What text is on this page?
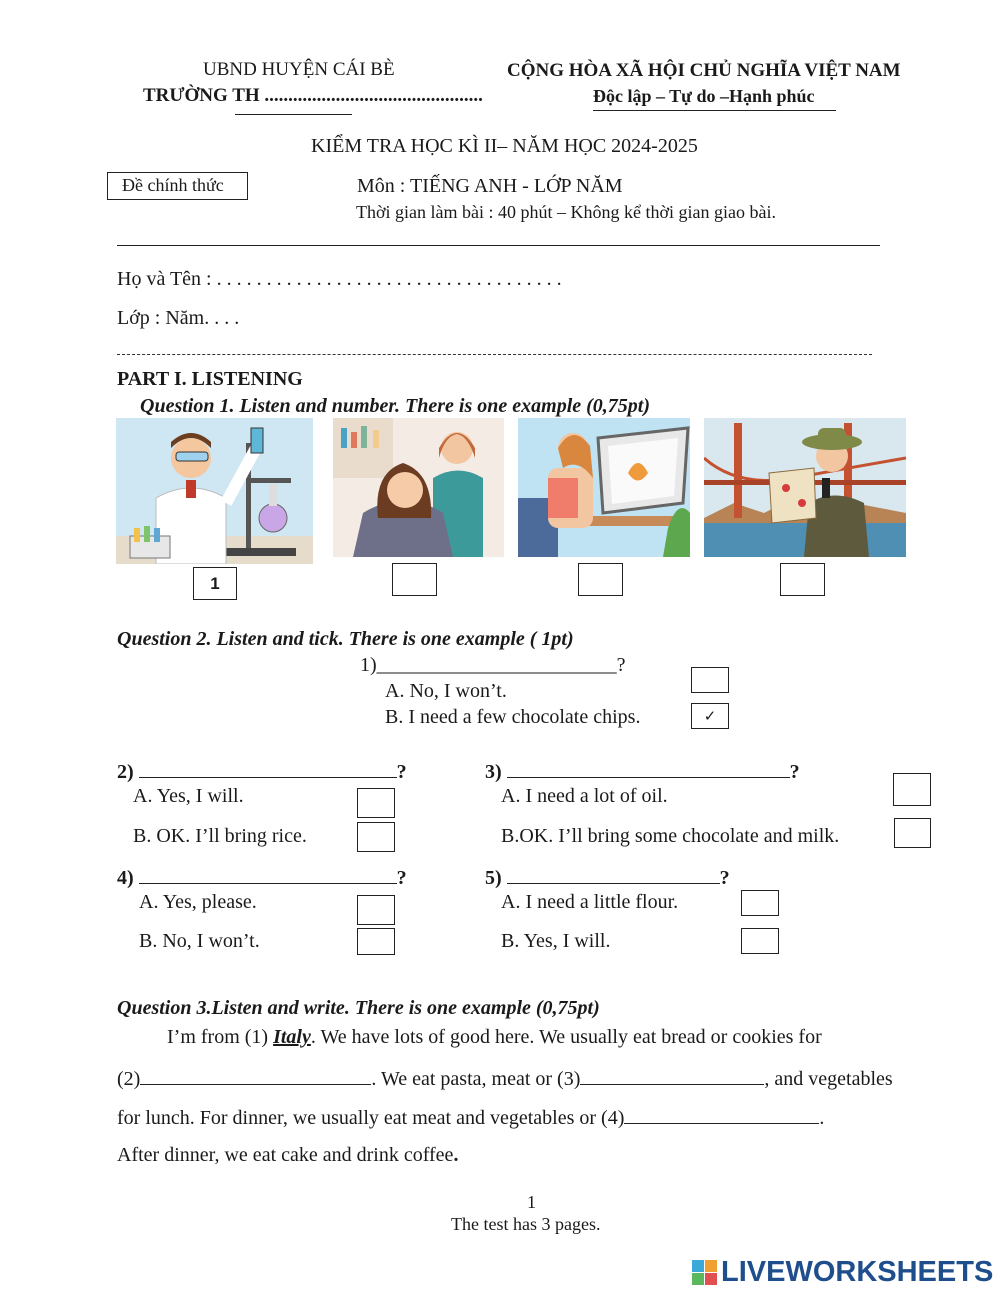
UBND HUYỆN CÁI BÈ
TRƯỜNG TH ..............................................
CỘNG HÒA XÃ HỘI CHỦ NGHĨA VIỆT NAM
Độc lập – Tự do –Hạnh phúc
KIỂM TRA HỌC KÌ II– NĂM HỌC 2024-2025
Đề chính thức	Môn : TIẾNG ANH - LỚP NĂM
Thời gian làm bài : 40 phút – Không kể thời gian giao bài.
Họ và Tên : . . . . . . . . . . . . . . . . . . . . . . . . . . . . . . . . . . .
Lớp : Năm. . . .
PART I. LISTENING
Question 1. Listen and number. There is one example (0,75pt)
1
Question 2. Listen and tick. There is one example ( 1pt)
1)________________________?
A. No, I won’t.
B. I need a few chocolate chips.	✓
2)	?
A. Yes, I will.
B. OK. I’ll bring rice.
3)	?
A. I need a lot of oil.
B.OK. I’ll bring some chocolate and milk.
4)	?
A. Yes, please.
B. No, I won’t.
5)	?
A. I need a little flour.
B. Yes, I will.
Question 3.Listen and write. There is one example (0,75pt)
I’m from (1) Italy. We have lots of good here. We usually eat bread or cookies for
(2)	. We eat pasta, meat or (3)	, and vegetables
for lunch. For dinner, we usually eat meat and vegetables or (4)	.
After dinner, we eat cake and drink coffee.
1
The test has 3 pages.
LIVEWORKSHEETS
